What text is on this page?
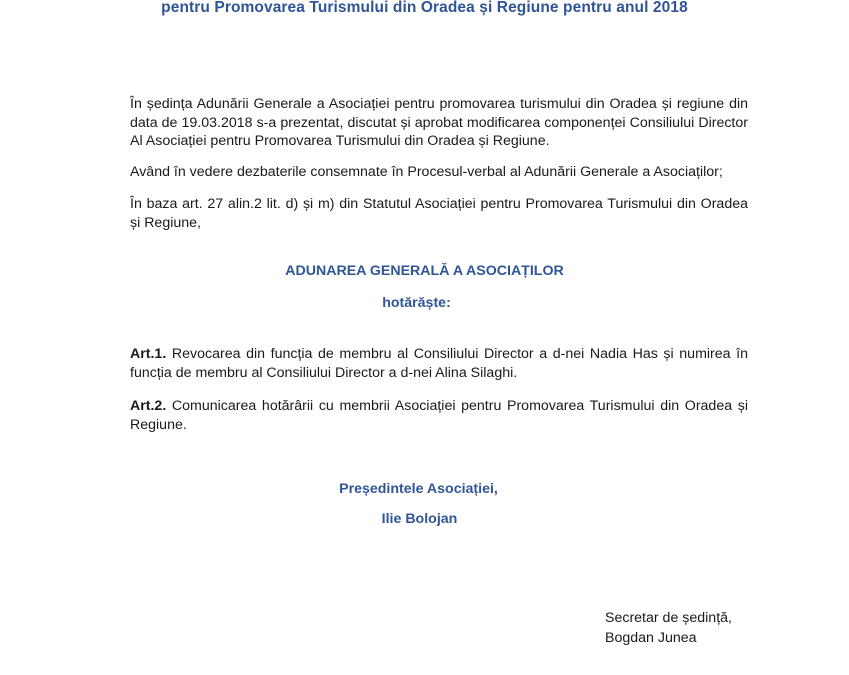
pentru Promovarea Turismului din Oradea și Regiune pentru anul 2018

În ședința Adunării Generale a Asociației pentru promovarea turismului din Oradea și regiune din data de 19.03.2018 s-a prezentat, discutat și aprobat modificarea componenței Consiliului Director Al Asociației pentru Promovarea Turismului din Oradea și Regiune.

Având în vedere dezbaterile consemnate în Procesul-verbal al Adunării Generale a Asociaților;

În baza art. 27 alin.2 lit. d) și m) din Statutul Asociației pentru Promovarea Turismului din Oradea și Regiune,

ADUNAREA GENERALĂ A ASOCIAȚILOR
hotărăște:

Art.1. Revocarea din funcția de membru al Consiliului Director a d-nei Nadia Has și numirea în funcția de membru al Consiliului Director a d-nei Alina Silaghi.

Art.2. Comunicarea hotărârii cu membrii Asociației pentru Promovarea Turismului din Oradea și Regiune.

Președintele Asociației,
Ilie Bolojan
Secretar de ședință,
Bogdan Junea
